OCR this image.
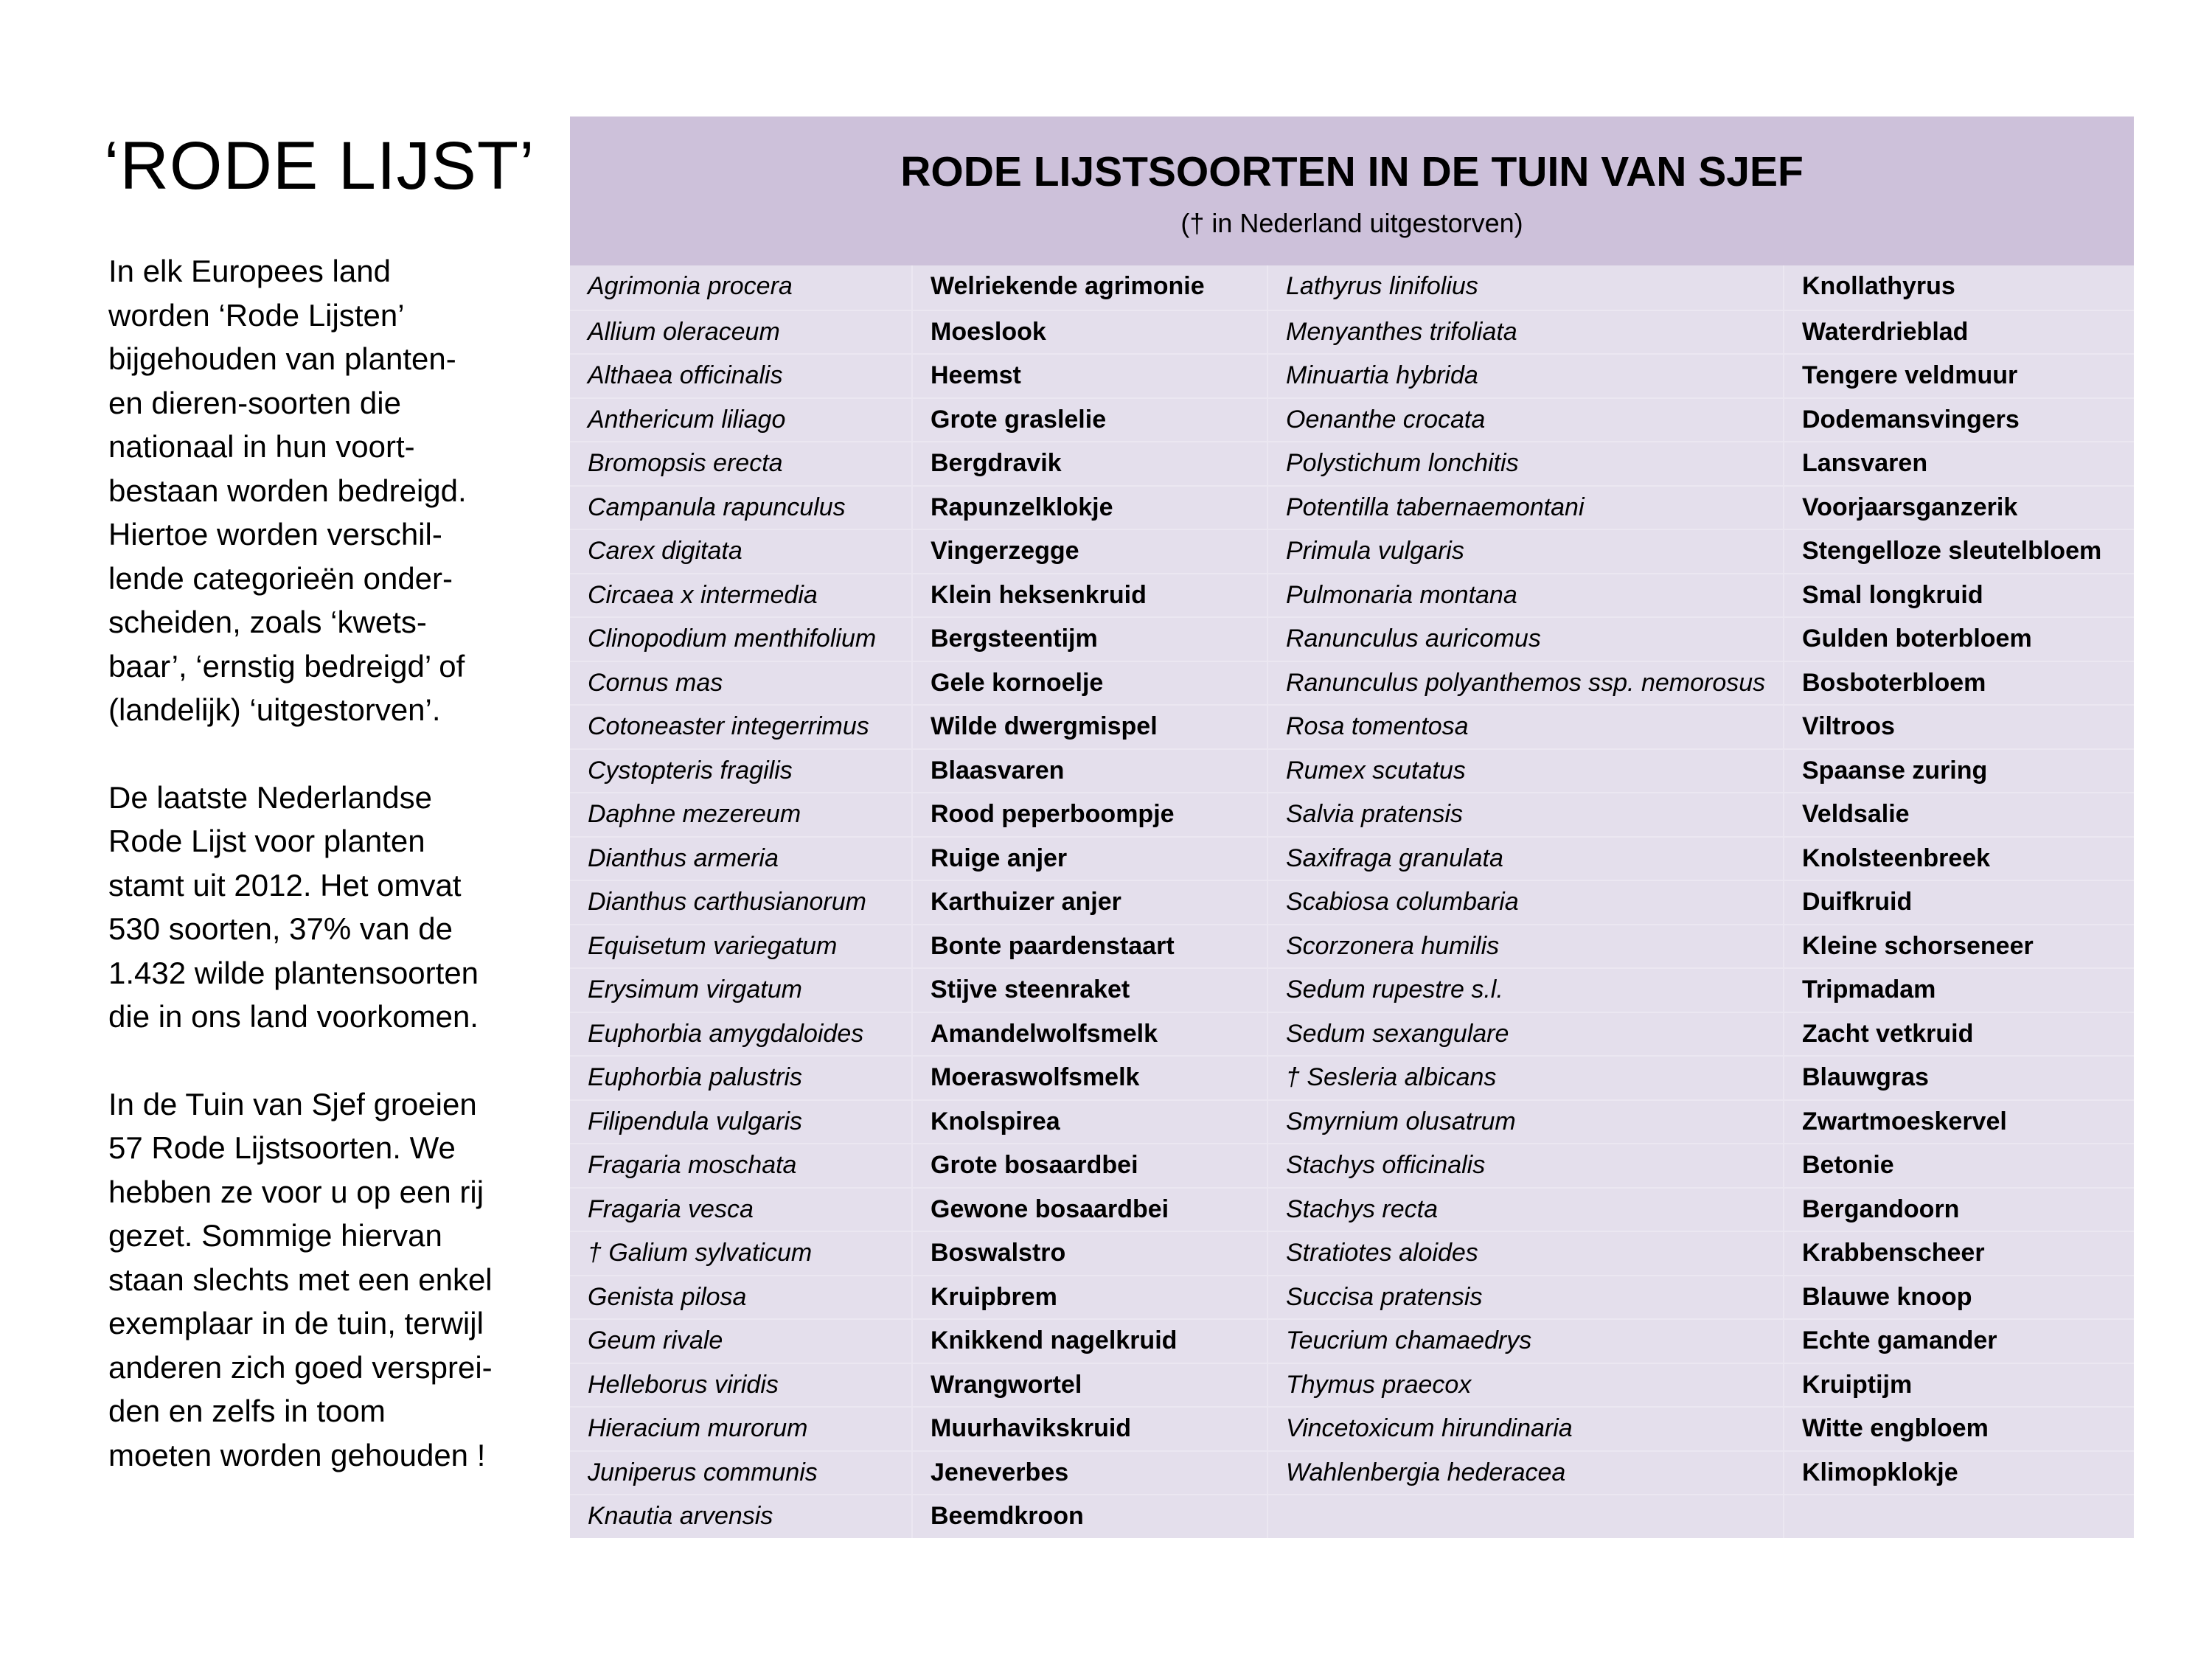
‘RODE LIJST’

In elk Europees land
worden ‘Rode Lijsten’
bijgehouden van planten-
en dieren-soorten die
nationaal in hun voort-
bestaan worden bedreigd.
Hiertoe worden verschil-
lende categorieën onder-
scheiden, zoals ‘kwets-
baar’, ‘ernstig bedreigd’ of
(landelijk) ‘uitgestorven’.

De laatste Nederlandse
Rode Lijst voor planten
stamt uit 2012. Het omvat
530 soorten, 37% van de
1.432 wilde plantensoorten
die in ons land voorkomen.

In de Tuin van Sjef groeien
57 Rode Lijstsoorten. We
hebben ze voor u op een rij
gezet. Sommige hiervan
staan slechts met een enkel
exemplaar in de tuin, terwijl
anderen zich goed versprei-
den en zelfs in toom
moeten worden gehouden !

RODE LIJSTSOORTEN IN DE TUIN VAN SJEF
(† in Nederland uitgestorven)
Agrimonia procera	Welriekende agrimonie	Lathyrus linifolius	Knollathyrus
Allium oleraceum	Moeslook	Menyanthes trifoliata	Waterdrieblad
Althaea officinalis	Heemst	Minuartia hybrida	Tengere veldmuur
Anthericum liliago	Grote graslelie	Oenanthe crocata	Dodemansvingers
Bromopsis erecta	Bergdravik	Polystichum lonchitis	Lansvaren
Campanula rapunculus	Rapunzelklokje	Potentilla tabernaemontani	Voorjaarsganzerik
Carex digitata	Vingerzegge	Primula vulgaris	Stengelloze sleutelbloem
Circaea x intermedia	Klein heksenkruid	Pulmonaria montana	Smal longkruid
Clinopodium menthifolium	Bergsteentijm	Ranunculus auricomus	Gulden boterbloem
Cornus mas	Gele kornoelje	Ranunculus polyanthemos ssp. nemorosus	Bosboterbloem
Cotoneaster integerrimus	Wilde dwergmispel	Rosa tomentosa	Viltroos
Cystopteris fragilis	Blaasvaren	Rumex scutatus	Spaanse zuring
Daphne mezereum	Rood peperboompje	Salvia pratensis	Veldsalie
Dianthus armeria	Ruige anjer	Saxifraga granulata	Knolsteenbreek
Dianthus carthusianorum	Karthuizer anjer	Scabiosa columbaria	Duifkruid
Equisetum variegatum	Bonte paardenstaart	Scorzonera humilis	Kleine schorseneer
Erysimum virgatum	Stijve steenraket	Sedum rupestre s.l.	Tripmadam
Euphorbia amygdaloides	Amandelwolfsmelk	Sedum sexangulare	Zacht vetkruid
Euphorbia palustris	Moeraswolfsmelk	† Sesleria albicans	Blauwgras
Filipendula vulgaris	Knolspirea	Smyrnium olusatrum	Zwartmoeskervel
Fragaria moschata	Grote bosaardbei	Stachys officinalis	Betonie
Fragaria vesca	Gewone bosaardbei	Stachys recta	Bergandoorn
† Galium sylvaticum	Boswalstro	Stratiotes aloides	Krabbenscheer
Genista pilosa	Kruipbrem	Succisa pratensis	Blauwe knoop
Geum rivale	Knikkend nagelkruid	Teucrium chamaedrys	Echte gamander
Helleborus viridis	Wrangwortel	Thymus praecox	Kruiptijm
Hieracium murorum	Muurhavikskruid	Vincetoxicum hirundinaria	Witte engbloem
Juniperus communis	Jeneverbes	Wahlenbergia hederacea	Klimopklokje
Knautia arvensis	Beemdkroon
